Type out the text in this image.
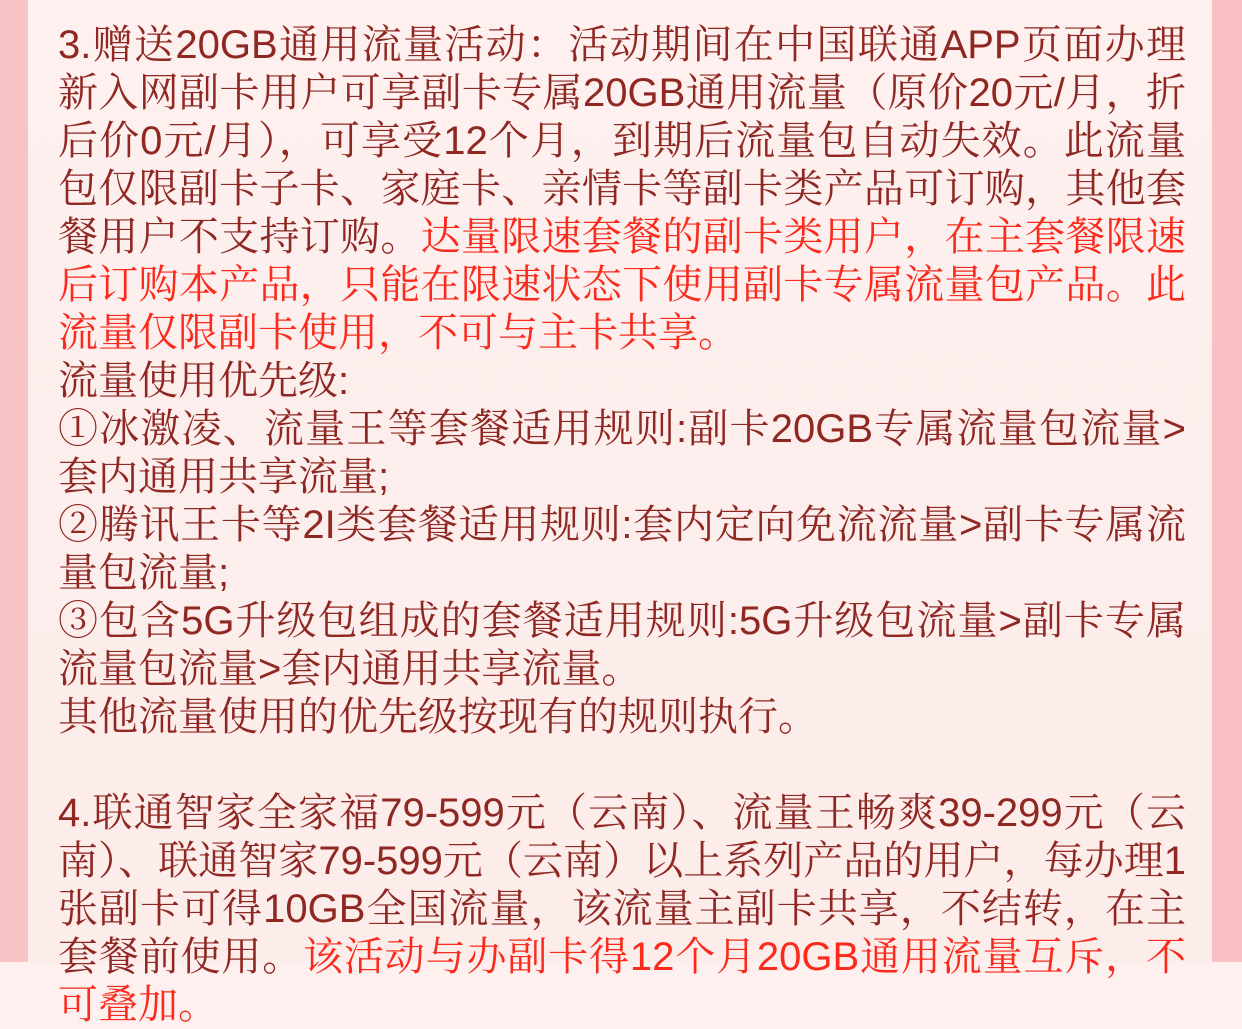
3.赠送20GB通用流量活动：活动期间在中国联通APP页面办理新入网副卡用户可享副卡专属20GB通用流量（原价20元/月，折后价0元/月），可享受12个月，到期后流量包自动失效。此流量包仅限副卡子卡、家庭卡、亲情卡等副卡类产品可订购，其他套餐用户不支持订购。达量限速套餐的副卡类用户，在主套餐限速后订购本产品，只能在限速状态下使用副卡专属流量包产品。此流量仅限副卡使用，不可与主卡共享。

流量使用优先级:

①冰激凌、流量王等套餐适用规则:副卡20GB专属流量包流量>套内通用共享流量;

②腾讯王卡等2I类套餐适用规则:套内定向免流流量>副卡专属流量包流量;

③包含5G升级包组成的套餐适用规则:5G升级包流量>副卡专属流量包流量>套内通用共享流量。

其他流量使用的优先级按现有的规则执行。

4.联通智家全家福79-599元（云南）、流量王畅爽39-299元（云南）、联通智家79-599元（云南）以上系列产品的用户，每办理1张副卡可得10GB全国流量，该流量主副卡共享，不结转，在主套餐前使用。该活动与办副卡得12个月20GB通用流量互斥，不可叠加。
